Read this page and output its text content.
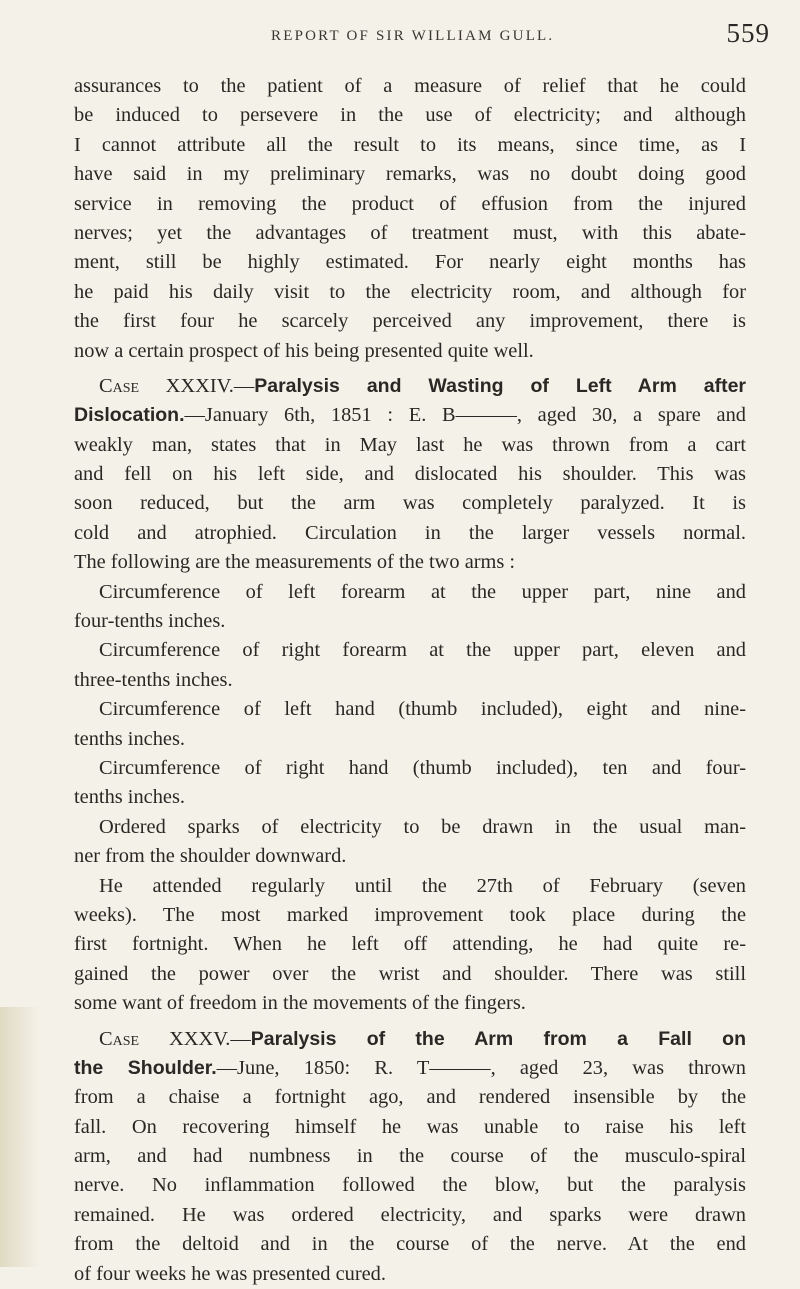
REPORT OF SIR WILLIAM GULL.	559
assurances to the patient of a measure of relief that he could
be induced to persevere in the use of electricity; and although
I cannot attribute all the result to its means, since time, as I
have said in my preliminary remarks, was no doubt doing good
service in removing the product of effusion from the injured
nerves; yet the advantages of treatment must, with this abate-
ment, still be highly estimated. For nearly eight months has
he paid his daily visit to the electricity room, and although for
the first four he scarcely perceived any improvement, there is
now a certain prospect of his being presented quite well.
Case XXXIV.—Paralysis and Wasting of Left Arm after
Dislocation.—January 6th, 1851 : E. B———, aged 30, a spare and
weakly man, states that in May last he was thrown from a cart
and fell on his left side, and dislocated his shoulder. This was
soon reduced, but the arm was completely paralyzed. It is
cold and atrophied. Circulation in the larger vessels normal.
The following are the measurements of the two arms :
Circumference of left forearm at the upper part, nine and
four-tenths inches.
Circumference of right forearm at the upper part, eleven and
three-tenths inches.
Circumference of left hand (thumb included), eight and nine-
tenths inches.
Circumference of right hand (thumb included), ten and four-
tenths inches.
Ordered sparks of electricity to be drawn in the usual man-
ner from the shoulder downward.
He attended regularly until the 27th of February (seven
weeks). The most marked improvement took place during the
first fortnight. When he left off attending, he had quite re-
gained the power over the wrist and shoulder. There was still
some want of freedom in the movements of the fingers.
Case XXXV.—Paralysis of the Arm from a Fall on
the Shoulder.—June, 1850: R. T———, aged 23, was thrown
from a chaise a fortnight ago, and rendered insensible by the
fall. On recovering himself he was unable to raise his left
arm, and had numbness in the course of the musculo-spiral
nerve. No inflammation followed the blow, but the paralysis
remained. He was ordered electricity, and sparks were drawn
from the deltoid and in the course of the nerve. At the end
of four weeks he was presented cured.
